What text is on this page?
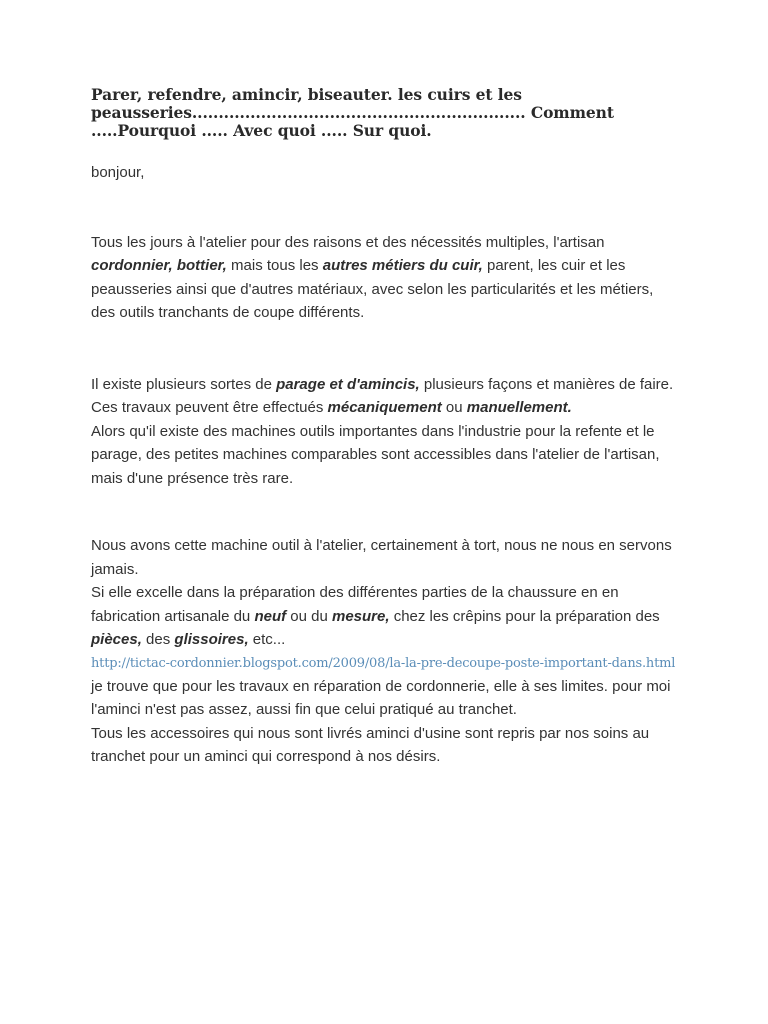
Parer, refendre, amincir, biseauter. les cuirs et les peausseries............................................................... Comment .....Pourquoi ..... Avec quoi ..... Sur quoi.

bonjour,

Tous les jours à l'atelier pour des raisons et des nécessités multiples, l'artisan cordonnier, bottier, mais tous les autres métiers du cuir, parent, les cuir et les peausseries ainsi que d'autres matériaux, avec selon les particularités et les métiers, des outils tranchants de coupe différents.

Il existe plusieurs sortes de parage et d'amincis, plusieurs façons et manières de faire. Ces travaux peuvent être effectués mécaniquement ou manuellement.
Alors qu'il existe des machines outils importantes dans l'industrie pour la refente et le parage, des petites machines comparables sont accessibles dans l'atelier de l'artisan, mais d'une présence très rare.

Nous avons cette machine outil à l'atelier, certainement à tort, nous ne nous en servons jamais.
Si elle excelle dans la préparation des différentes parties de la chaussure en en fabrication artisanale du neuf ou du mesure, chez les crêpins pour la préparation des pièces, des glissoires, etc...
http://tictac-cordonnier.blogspot.com/2009/08/la-la-pre-decoupe-poste-important-dans.html
je trouve que pour les travaux en réparation de cordonnerie, elle à ses limites. pour moi l'aminci n'est pas assez, aussi fin que celui pratiqué au tranchet.
Tous les accessoires qui nous sont livrés aminci d'usine sont repris par nos soins au tranchet pour un aminci qui correspond à nos désirs.
